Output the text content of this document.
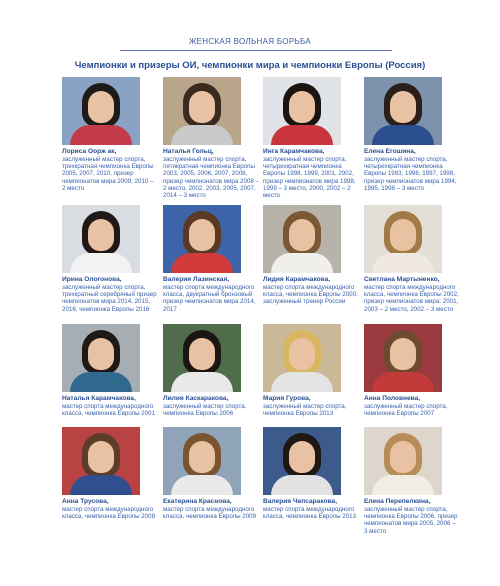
ЖЕНСКАЯ ВОЛЬНАЯ БОРЬБА
Чемпионки и призеры ОИ, чемпионки мира и чемпионки Европы (Россия)
Лориса Оорж ак,
заслуженный мастер спорта, трехкратная чемпионка Европы 2005, 2007, 2010, призер чемпионатов мира 2009, 2010 – 2 место
Наталья Гольц,
заслуженный мастер спорта, пятикратная чемпионка Европы 2003, 2005, 2006, 2007, 2008, призер чемпионатов мира 2008 – 2 место, 2002, 2003, 2005, 2007, 2014 – 3 место
Инга Карамчакова,
заслуженный мастер спорта, четырехкратная чемпионка Европы 1998, 1999, 2001, 2002, призер чемпионатов мира 1998, 1999 – 3 место, 2000, 2002 – 2 место
Елена Егошина,
заслуженный мастер спорта, четырехкратная чемпионка Европы 1993, 1996, 1997, 1998, призер чемпионатов мира 1994, 1995, 1998 – 3 место
Ирина Ологонова,
заслуженный мастер спорта, трехкратный серебряный призер чемпионатов мира 2014, 2015, 2016, чемпионка Европы 2016
Валерия Лазинская,
мастер спорта международного класса, двукратный бронзовый призер чемпионатов мира 2014, 2017
Лидия Карамчакова,
мастер спорта международного класса, чемпионка Европы 2000, заслуженный тренер России
Светлана Мартыненко,
мастер спорта международного класса, чемпионка Европы 2002, призер чемпионатов мира: 2001, 2003 – 2 место, 2002 – 3 место
Наталья Карамчакова,
мастер спорта международного класса, чемпионка Европы 2001
Лилия Каскаракова,
заслуженный мастер спорта, чемпионка Европы 2006
Мария Гурова,
заслуженный мастер спорта, чемпионка Европы 2013
Анна Половнева,
заслуженный мастер спорта, чемпионка Европы 2007
Анна Трусова,
мастер спорта международного класса, чемпионка Европы 2008
Екатерина Краснова,
мастер спорта международного класса, чемпионка Европы 2009
Валерия Чепсаракова,
мастер спорта международного класса, чемпионка Европы 2013
Елена Перепелкина,
заслуженный мастер спорта, чемпионка Европы 2006, призер чемпионатов мира 2005, 2006 – 3 место
